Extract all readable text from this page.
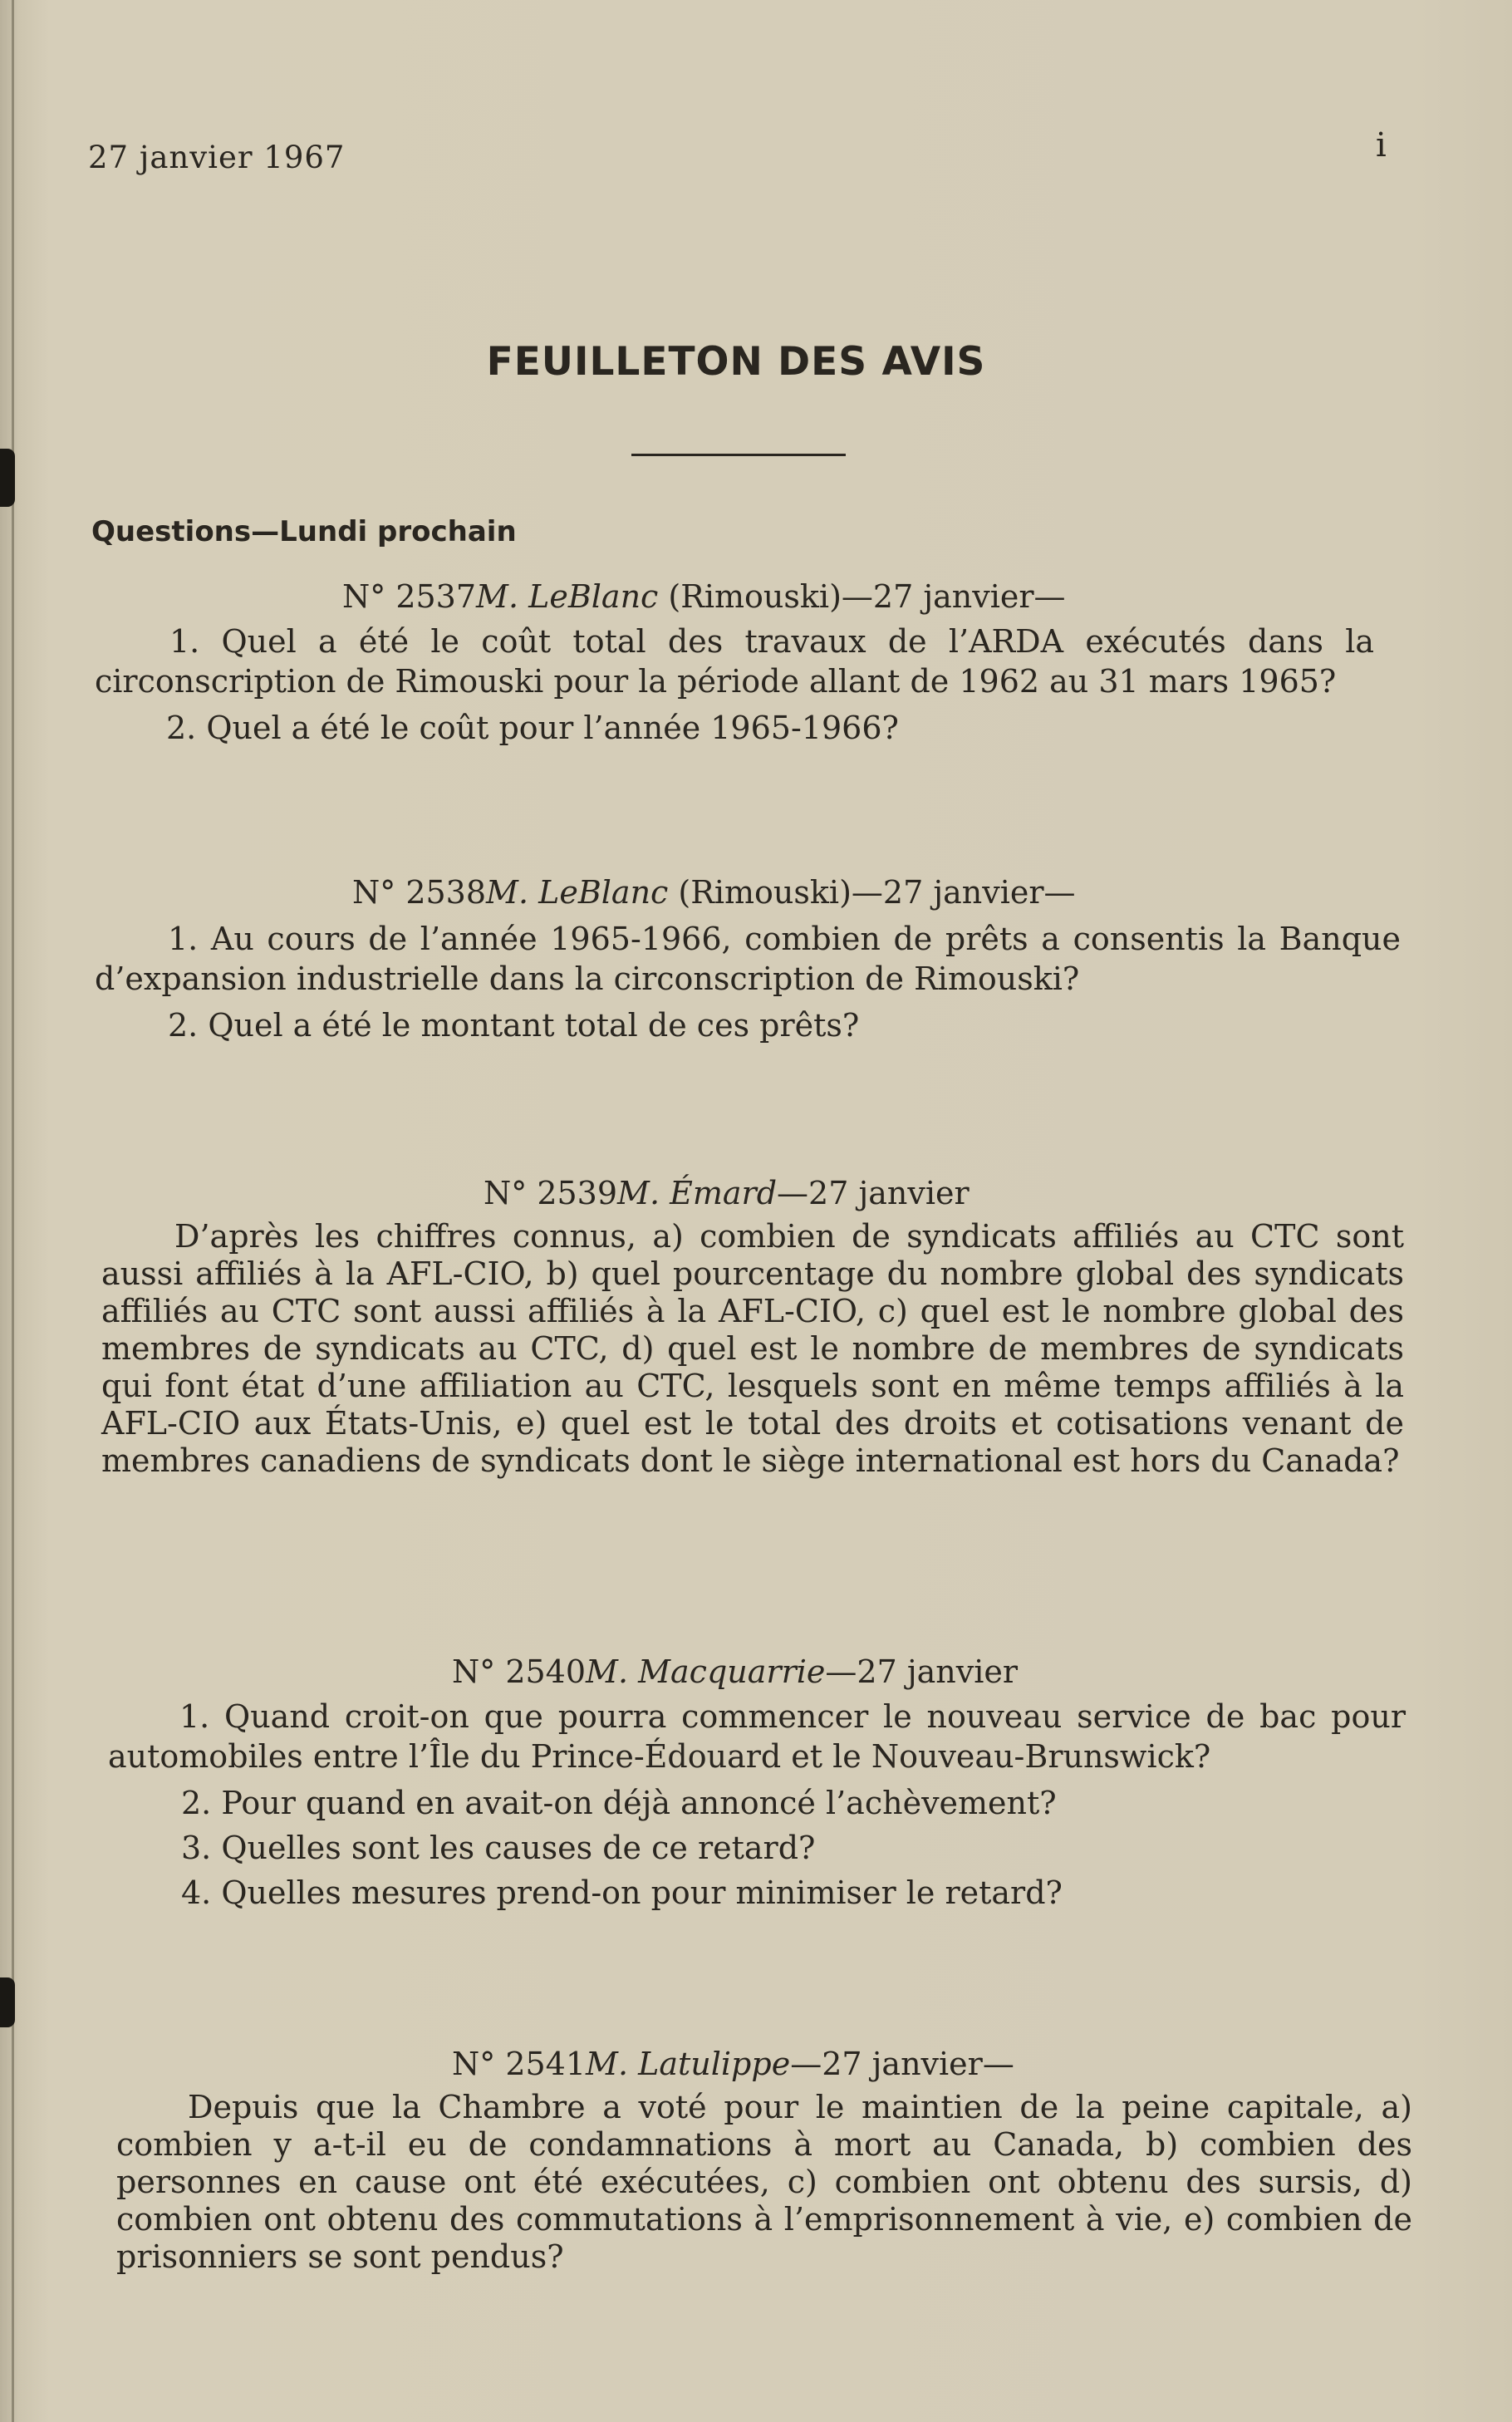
27 janvier 1967	i
FEUILLETON DES AVIS
Questions—Lundi prochain
N° 2537M. LeBlanc (Rimouski)—27 janvier—
1. Quel a été le coût total des travaux de l’ARDA exécutés dans la circonscription de Rimouski pour la période allant de 1962 au 31 mars 1965?
2. Quel a été le coût pour l’année 1965-1966?
N° 2538M. LeBlanc (Rimouski)—27 janvier—
1. Au cours de l’année 1965-1966, combien de prêts a consentis la Banque d’expansion industrielle dans la circonscription de Rimouski?
2. Quel a été le montant total de ces prêts?
N° 2539M. Émard—27 janvier
D’après les chiffres connus, a) combien de syndicats affiliés au CTC sont aussi affiliés à la AFL-CIO, b) quel pourcentage du nombre global des syndicats affiliés au CTC sont aussi affiliés à la AFL-CIO, c) quel est le nombre global des membres de syndicats au CTC, d) quel est le nombre de membres de syndicats qui font état d’une affiliation au CTC, lesquels sont en même temps affiliés à la AFL-CIO aux États-Unis, e) quel est le total des droits et cotisations venant de membres canadiens de syndicats dont le siège international est hors du Canada?
N° 2540M. Macquarrie—27 janvier
1. Quand croit-on que pourra commencer le nouveau service de bac pour automobiles entre l’Île du Prince-Édouard et le Nouveau-Brunswick?
2. Pour quand en avait-on déjà annoncé l’achèvement?
3. Quelles sont les causes de ce retard?
4. Quelles mesures prend-on pour minimiser le retard?
N° 2541M. Latulippe—27 janvier—
Depuis que la Chambre a voté pour le maintien de la peine capitale, a) combien y a-t-il eu de condamnations à mort au Canada, b) combien des personnes en cause ont été exécutées, c) combien ont obtenu des sursis, d) combien ont obtenu des commutations à l’emprisonnement à vie, e) combien de prisonniers se sont pendus?
